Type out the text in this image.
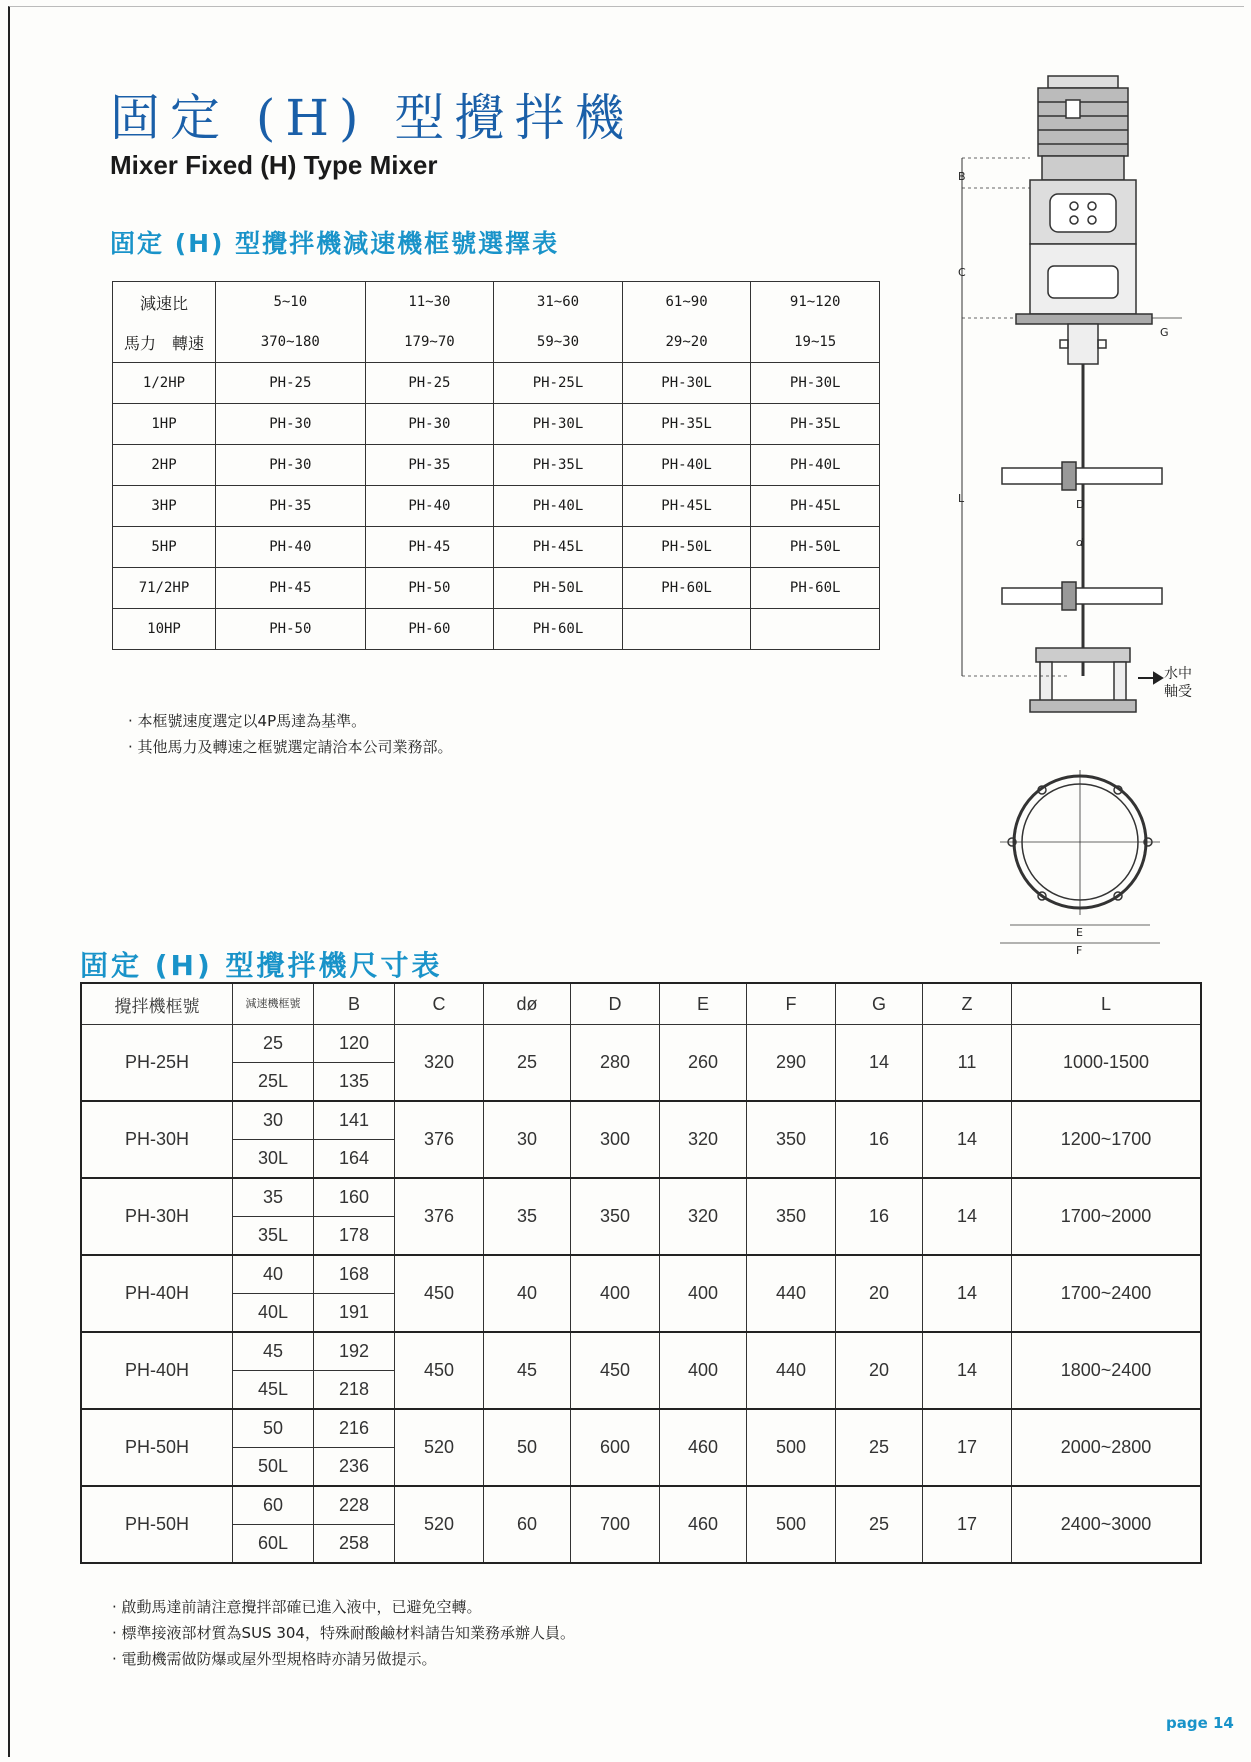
固定 (H) 型攪拌機
Mixer Fixed (H) Type Mixer
固定 (H) 型攪拌機減速機框號選擇表
減速比	5~10	11~30	31~60	61~90	91~120
馬力　轉速	370~180	179~70	59~30	29~20	19~15
1/2HP	PH-25	PH-25	PH-25L	PH-30L	PH-30L
1HP	PH-30	PH-30	PH-30L	PH-35L	PH-35L
2HP	PH-30	PH-35	PH-35L	PH-40L	PH-40L
3HP	PH-35	PH-40	PH-40L	PH-45L	PH-45L
5HP	PH-40	PH-45	PH-45L	PH-50L	PH-50L
71/2HP	PH-45	PH-50	PH-50L	PH-60L	PH-60L
10HP	PH-50	PH-60	PH-60L		
· 本框號速度選定以4P馬達為基準。
· 其他馬力及轉速之框號選定請洽本公司業務部。
B
C
G
L	D
d
E
F
水中
軸受
固定 (H) 型攪拌機尺寸表
攪拌機框號	減速機框號	B	C	dø	D	E	F	G	Z	L
PH-25H	25	120	320	25	280	260	290	14	11	1000-1500
	25L	135								
PH-30H	30	141	376	30	300	320	350	16	14	1200~1700
	30L	164								
PH-30H	35	160	376	35	350	320	350	16	14	1700~2000
	35L	178								
PH-40H	40	168	450	40	400	400	440	20	14	1700~2400
	40L	191								
PH-40H	45	192	450	45	450	400	440	20	14	1800~2400
	45L	218								
PH-50H	50	216	520	50	600	460	500	25	17	2000~2800
	50L	236								
PH-50H	60	228	520	60	700	460	500	25	17	2400~3000
	60L	258								
· 啟動馬達前請注意攪拌部確已進入液中，已避免空轉。
· 標準接液部材質為SUS 304，特殊耐酸鹼材料請告知業務承辦人員。
· 電動機需做防爆或屋外型規格時亦請另做提示。
page 14
